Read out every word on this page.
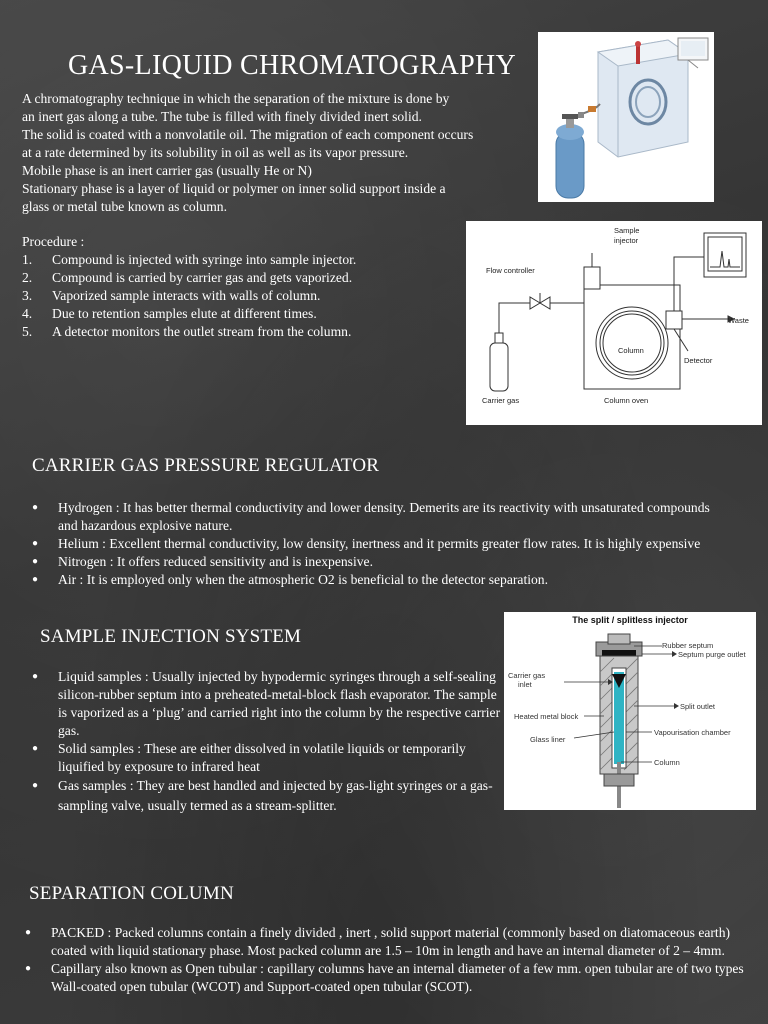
GAS-LIQUID CHROMATOGRAPHY
A chromatography technique in which the separation of the mixture is done by
an inert gas along a tube. The tube is filled with finely divided inert solid.
The solid is coated with a nonvolatile oil. The migration of each component occurs
at a rate determined by its solubility in oil as well as its vapor pressure.
Mobile phase is an inert carrier gas (usually He or N)
Stationary phase is a layer of liquid or polymer on inner solid support inside a
glass or metal tube known as column.
Procedure :
1.	Compound is injected with syringe into sample injector.
2.	Compound is carried by carrier gas and gets vaporized.
3.	Vaporized sample interacts with walls of column.
4.	Due to retention samples elute at different times.
5.	A detector monitors the outlet stream from the column.
Sample
injector
Flow controller
Waste
Column
Detector
Carrier gas	Column oven
CARRIER GAS PRESSURE REGULATOR
● Hydrogen : It has better thermal conductivity and lower density. Demerits are its reactivity with unsaturated compounds and hazardous explosive nature.
● Helium : Excellent thermal conductivity, low density, inertness and it permits greater flow rates. It is highly expensive
● Nitrogen : It offers reduced sensitivity and is inexpensive.
● Air : It is employed only when the atmospheric O2 is beneficial to the detector separation.
SAMPLE INJECTION SYSTEM
● Liquid samples : Usually injected by hypodermic syringes through a self-sealing silicon-rubber septum into a preheated-metal-block flash evaporator. The sample is vaporized as a ‘plug’ and carried right into the column by the respective carrier gas.
● Solid samples : These are either dissolved in volatile liquids or temporarily liquified by exposure to infrared heat
● Gas samples : They are best handled and injected by gas-light syringes or a gas-sampling valve, usually termed as a stream-splitter.
The split / splitless injector
Rubber septum
Septum purge outlet
Carrier gas
inlet
Split outlet
Heated metal block
Vapourisation chamber
Glass liner
Column
SEPARATION COLUMN
● PACKED : Packed columns contain a finely divided , inert , solid support material (commonly based on diatomaceous earth) coated with liquid stationary phase. Most packed column are 1.5 – 10m in length and have an internal diameter of 2 – 4mm.
● Capillary also known as Open tubular : capillary columns have an internal diameter of a few mm. open tubular are of two types Wall-coated open tubular (WCOT) and Support-coated open tubular (SCOT).
